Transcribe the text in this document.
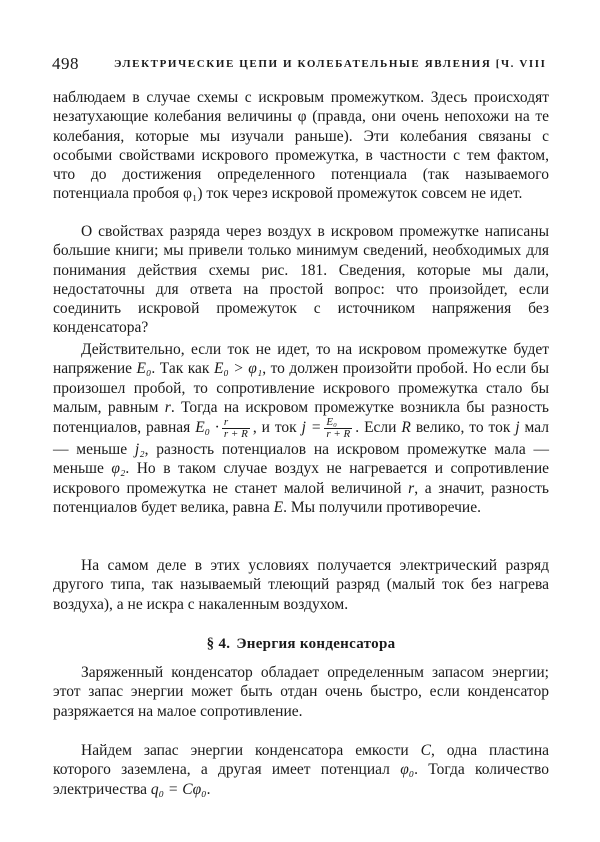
498	ЭЛЕКТРИЧЕСКИЕ ЦЕПИ И КОЛЕБАТЕЛЬНЫЕ ЯВЛЕНИЯ [Ч. VIII

наблюдаем в случае схемы с искровым промежутком. Здесь происходят незатухающие колебания величины φ (правда, они очень непохожи на те колебания, которые мы изучали раньше). Эти колебания связаны с особыми свойствами искрового промежутка, в частности с тем фактом, что до достижения определенного потенциала (так называемого потенциала пробоя φ₁) ток через искровой промежуток совсем не идет.

О свойствах разряда через воздух в искровом промежутке написаны большие книги; мы привели только минимум сведений, необходимых для понимания действия схемы рис. 181. Сведения, которые мы дали, недостаточны для ответа на простой вопрос: что произойдет, если соединить искровой промежуток с источником напряжения без конденсатора?

Действительно, если ток не идет, то на искровом промежутке будет напряжение E₀. Так как E₀ > φ₁, то должен произойти пробой. Но если бы произошел пробой, то сопротивление искрового промежутка стало бы малым, равным r. Тогда на искровом промежутке возникла бы разность потенциалов, равная $E_0 \cdot \frac{r}{r + R}$ , и ток $j = \frac{\text{E₀}}{r + R}$ . Если R велико, то ток j мал — меньше j₂, разность потенциалов на искровом промежутке мала — меньше φ₂. Но в таком случае воздух не нагревается и сопротивление искрового промежутка не станет малой величиной r, а значит, разность потенциалов будет велика, равна E. Мы получили противоречие.

На самом деле в этих условиях получается электрический разряд другого типа, так называемый тлеющий разряд (малый ток без нагрева воздуха), а не искра с накаленным воздухом.

§ 4. Энергия конденсатора

Заряженный конденсатор обладает определенным запасом энергии; этот запас энергии может быть отдан очень быстро, если конденсатор разряжается на малое сопротивление.

Найдем запас энергии конденсатора емкости C, одна пластина которого заземлена, а другая имеет потенциал φ₀. Тогда количество электричества q₀ = Cφ₀.
